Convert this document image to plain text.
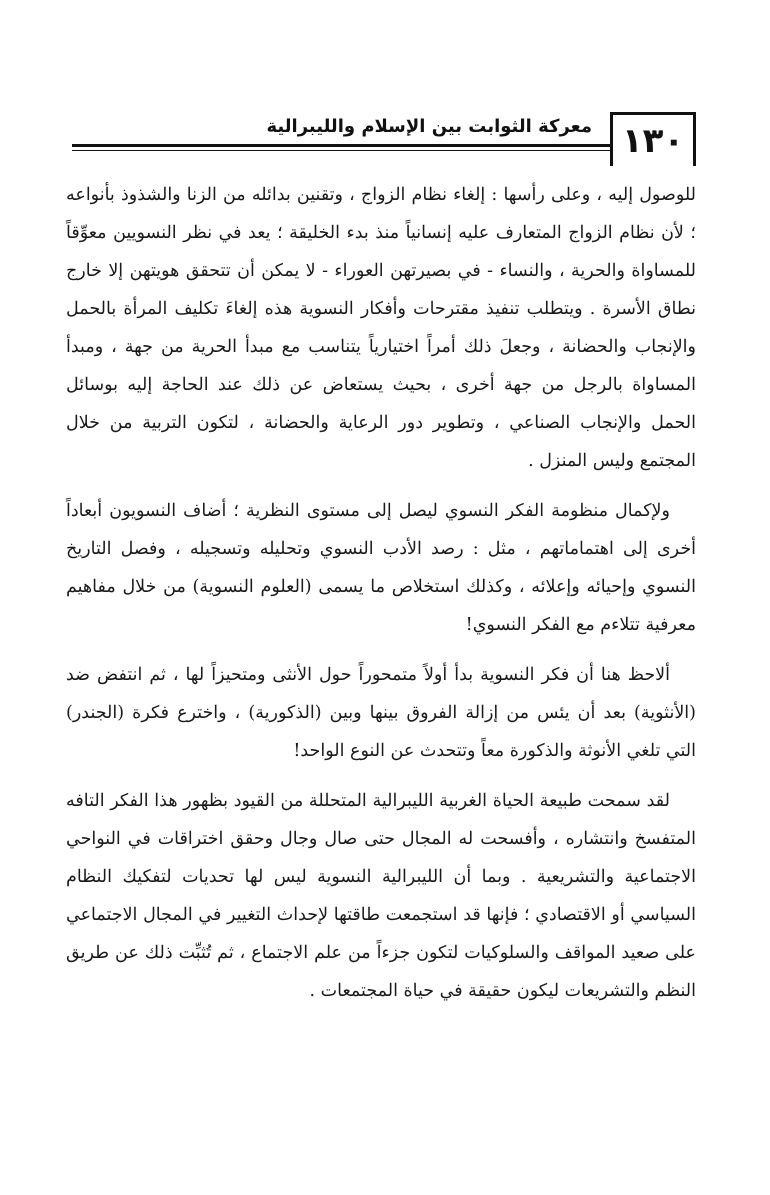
١٣٠
معركة الثوابت بين الإسلام والليبرالية

للوصول إليه ، وعلى رأسها : إلغاء نظام الزواج ، وتقنين بدائله من الزنا والشذوذ بأنواعه ؛ لأن نظام الزواج المتعارف عليه إنسانياً منذ بدء الخليقة ؛ يعد في نظر النسويين معوِّقاً للمساواة والحرية ، والنساء - في بصيرتهن العوراء - لا يمكن أن تتحقق هويتهن إلا خارج نطاق الأسرة . ويتطلب تنفيذ مقترحات وأفكار النسوية هذه إلغاءَ تكليف المرأة بالحمل والإنجاب والحضانة ، وجعلَ ذلك أمراً اختيارياً يتناسب مع مبدأ الحرية من جهة ، ومبدأ المساواة بالرجل من جهة أخرى ، بحيث يستعاض عن ذلك عند الحاجة إليه بوسائل الحمل والإنجاب الصناعي ، وتطوير دور الرعاية والحضانة ، لتكون التربية من خلال المجتمع وليس المنزل .

ولإكمال منظومة الفكر النسوي ليصل إلى مستوى النظرية ؛ أضاف النسويون أبعاداً أخرى إلى اهتماماتهم ، مثل : رصد الأدب النسوي وتحليله وتسجيله ، وفصل التاريخ النسوي وإحيائه وإعلائه ، وكذلك استخلاص ما يسمى (العلوم النسوية) من خلال مفاهيم معرفية تتلاءم مع الفكر النسوي!

ألاحظ هنا أن فكر النسوية بدأ أولاً متمحوراً حول الأنثى ومتحيزاً لها ، ثم انتفض ضد (الأنثوية) بعد أن يئس من إزالة الفروق بينها وبين (الذكورية) ، واخترع فكرة (الجندر) التي تلغي الأنوثة والذكورة معاً وتتحدث عن النوع الواحد!

لقد سمحت طبيعة الحياة الغربية الليبرالية المتحللة من القيود بظهور هذا الفكر التافه المتفسخ وانتشاره ، وأفسحت له المجال حتى صال وجال وحقق اختراقات في النواحي الاجتماعية والتشريعية . وبما أن الليبرالية النسوية ليس لها تحديات لتفكيك النظام السياسي أو الاقتصادي ؛ فإنها قد استجمعت طاقتها لإحداث التغيير في المجال الاجتماعي على صعيد المواقف والسلوكيات لتكون جزءاً من علم الاجتماع ، ثم تُثبِّت ذلك عن طريق النظم والتشريعات ليكون حقيقة في حياة المجتمعات .
